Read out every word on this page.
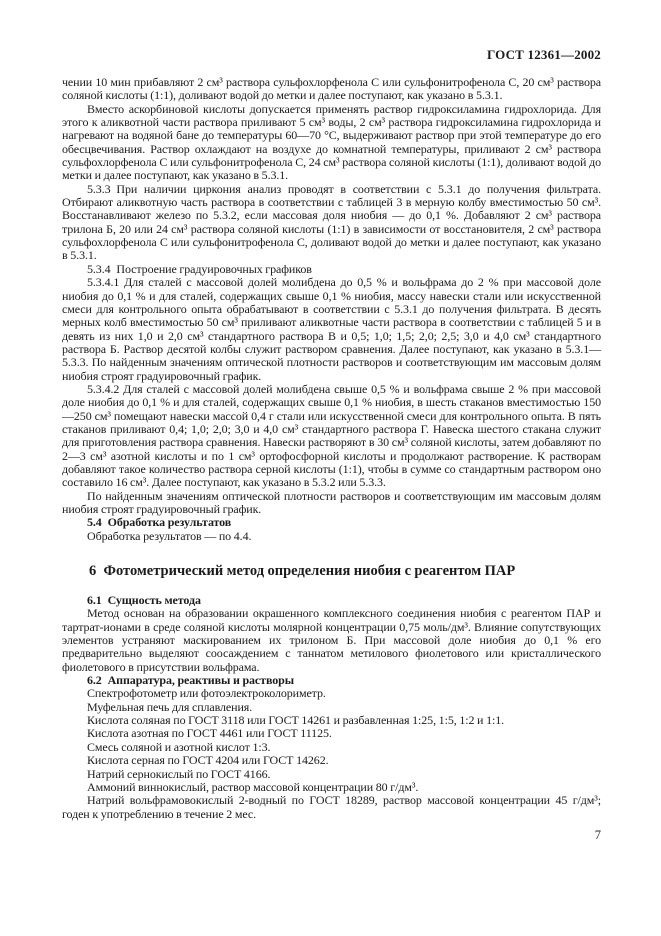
ГОСТ 12361—2002

чении 10 мин прибавляют 2 см³ раствора сульфохлорфенола С или сульфонитрофенола С, 20 см³ раствора соляной кислоты (1:1), доливают водой до метки и далее поступают, как указано в 5.3.1.

Вместо аскорбиновой кислоты допускается применять раствор гидроксиламина гидрохлорида. Для этого к аликвотной части раствора приливают 5 см³ воды, 2 см³ раствора гидроксиламина гидрохлорида и нагревают на водяной бане до температуры 60—70 °С, выдерживают раствор при этой температуре до его обесцвечивания. Раствор охлаждают на воздухе до комнатной температуры, приливают 2 см³ раствора сульфохлорфенола С или сульфонитрофенола С, 24 см³ раствора соляной кислоты (1:1), доливают водой до метки и далее поступают, как указано в 5.3.1.

5.3.3 При наличии циркония анализ проводят в соответствии с 5.3.1 до получения фильтрата. Отбирают аликвотную часть раствора в соответствии с таблицей 3 в мерную колбу вместимостью 50 см³. Восстанавливают железо по 5.3.2, если массовая доля ниобия — до 0,1 %. Добавляют 2 см³ раствора трилона Б, 20 или 24 см³ раствора соляной кислоты (1:1) в зависимости от восстановителя, 2 см³ раствора сульфохлорфенола С или сульфонитрофенола С, доливают водой до метки и далее поступают, как указано в 5.3.1.

5.3.4 Построение градуировочных графиков

5.3.4.1 Для сталей с массовой долей молибдена до 0,5 % и вольфрама до 2 % при массовой доле ниобия до 0,1 % и для сталей, содержащих свыше 0,1 % ниобия, массу навески стали или искусственной смеси для контрольного опыта обрабатывают в соответствии с 5.3.1 до получения фильтрата. В десять мерных колб вместимостью 50 см³ приливают аликвотные части раствора в соответствии с таблицей 5 и в девять из них 1,0 и 2,0 см³ стандартного раствора В и 0,5; 1,0; 1,5; 2,0; 2,5; 3,0 и 4,0 см³ стандартного раствора Б. Раствор десятой колбы служит раствором сравнения. Далее поступают, как указано в 5.3.1—5.3.3. По найденным значениям оптической плотности растворов и соответствующим им массовым долям ниобия строят градуировочный график.

5.3.4.2 Для сталей с массовой долей молибдена свыше 0,5 % и вольфрама свыше 2 % при массовой доле ниобия до 0,1 % и для сталей, содержащих свыше 0,1 % ниобия, в шесть стаканов вместимостью 150—250 см³ помещают навески массой 0,4 г стали или искусственной смеси для контрольного опыта. В пять стаканов приливают 0,4; 1,0; 2,0; 3,0 и 4,0 см³ стандартного раствора Г. Навеска шестого стакана служит для приготовления раствора сравнения. Навески растворяют в 30 см³ соляной кислоты, затем добавляют по 2—3 см³ азотной кислоты и по 1 см³ ортофосфорной кислоты и продолжают растворение. К растворам добавляют такое количество раствора серной кислоты (1:1), чтобы в сумме со стандартным раствором оно составило 16 см³. Далее поступают, как указано в 5.3.2 или 5.3.3.

По найденным значениям оптической плотности растворов и соответствующим им массовым долям ниобия строят градуировочный график.

5.4 Обработка результатов

Обработка результатов — по 4.4.

6 Фотометрический метод определения ниобия с реагентом ПАР

6.1 Сущность метода

Метод основан на образовании окрашенного комплексного соединения ниобия с реагентом ПАР и тартрат-ионами в среде соляной кислоты молярной концентрации 0,75 моль/дм³. Влияние сопутствующих элементов устраняют маскированием их трилоном Б. При массовой доле ниобия до 0,1 % его предварительно выделяют соосаждением с таннатом метилового фиолетового или кристаллического фиолетового в присутствии вольфрама.

6.2 Аппаратура, реактивы и растворы

Спектрофотометр или фотоэлектроколориметр.

Муфельная печь для сплавления.

Кислота соляная по ГОСТ 3118 или ГОСТ 14261 и разбавленная 1:25, 1:5, 1:2 и 1:1.

Кислота азотная по ГОСТ 4461 или ГОСТ 11125.

Смесь соляной и азотной кислот 1:3.

Кислота серная по ГОСТ 4204 или ГОСТ 14262.

Натрий сернокислый по ГОСТ 4166.

Аммоний виннокислый, раствор массовой концентрации 80 г/дм³.

Натрий вольфрамовокислый 2-водный по ГОСТ 18289, раствор массовой концентрации 45 г/дм³; годен к употреблению в течение 2 мес.

7
